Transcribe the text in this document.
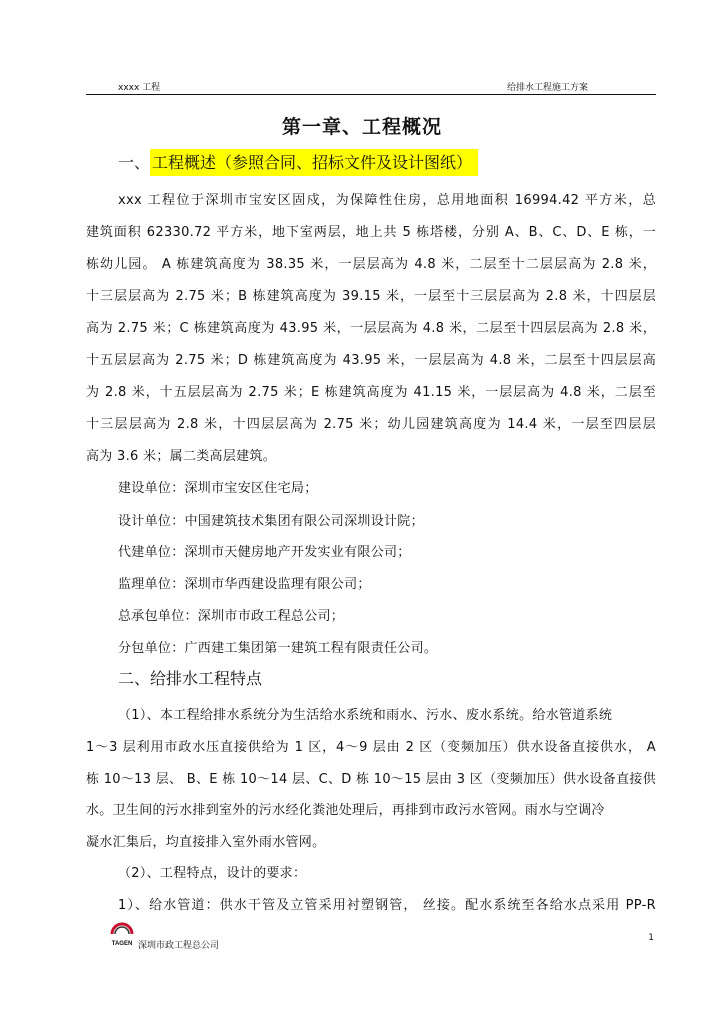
xxxx 工程	给排水工程施工方案
第一章、工程概况
一、 工程概述（参照合同、招标文件及设计图纸）
xxx 工程位于深圳市宝安区固戍，为保障性住房，总用地面积 16994.42 平方米，总
建筑面积 62330.72 平方米，地下室两层，地上共 5 栋塔楼，分别 A、B、C、D、E 栋，一
栋幼儿园。 A 栋建筑高度为 38.35 米，一层层高为 4.8 米，二层至十二层层高为 2.8 米，
十三层层高为 2.75 米；B 栋建筑高度为 39.15 米，一层至十三层层高为 2.8 米，十四层层
高为 2.75 米；C 栋建筑高度为 43.95 米，一层层高为 4.8 米，二层至十四层层高为 2.8 米，
十五层层高为 2.75 米；D 栋建筑高度为 43.95 米，一层层高为 4.8 米，二层至十四层层高
为 2.8 米，十五层层高为 2.75 米；E 栋建筑高度为 41.15 米，一层层高为 4.8 米，二层至
十三层层高为 2.8 米，十四层层高为 2.75 米；幼儿园建筑高度为 14.4 米，一层至四层层
高为 3.6 米；属二类高层建筑。
建设单位：深圳市宝安区住宅局；
设计单位：中国建筑技术集团有限公司深圳设计院；
代建单位：深圳市天健房地产开发实业有限公司；
监理单位：深圳市华西建设监理有限公司；
总承包单位：深圳市市政工程总公司；
分包单位：广西建工集团第一建筑工程有限责任公司。
二、给排水工程特点
（1）、本工程给排水系统分为生活给水系统和雨水、污水、废水系统。给水管道系统
1～3 层利用市政水压直接供给为 1 区，4～9 层由 2 区（变频加压）供水设备直接供水， A
栋 10～13 层、 B、E 栋 10～14 层、C、D 栋 10～15 层由 3 区（变频加压）供水设备直接供
水。卫生间的污水排到室外的污水经化粪池处理后，再排到市政污水管网。雨水与空调冷
凝水汇集后，均直接排入室外雨水管网。
（2）、工程特点，设计的要求：
1）、给水管道：供水干管及立管采用衬塑钢管， 丝接。配水系统至各给水点采用 PP-R
TAGEN 深圳市政工程总公司
1
